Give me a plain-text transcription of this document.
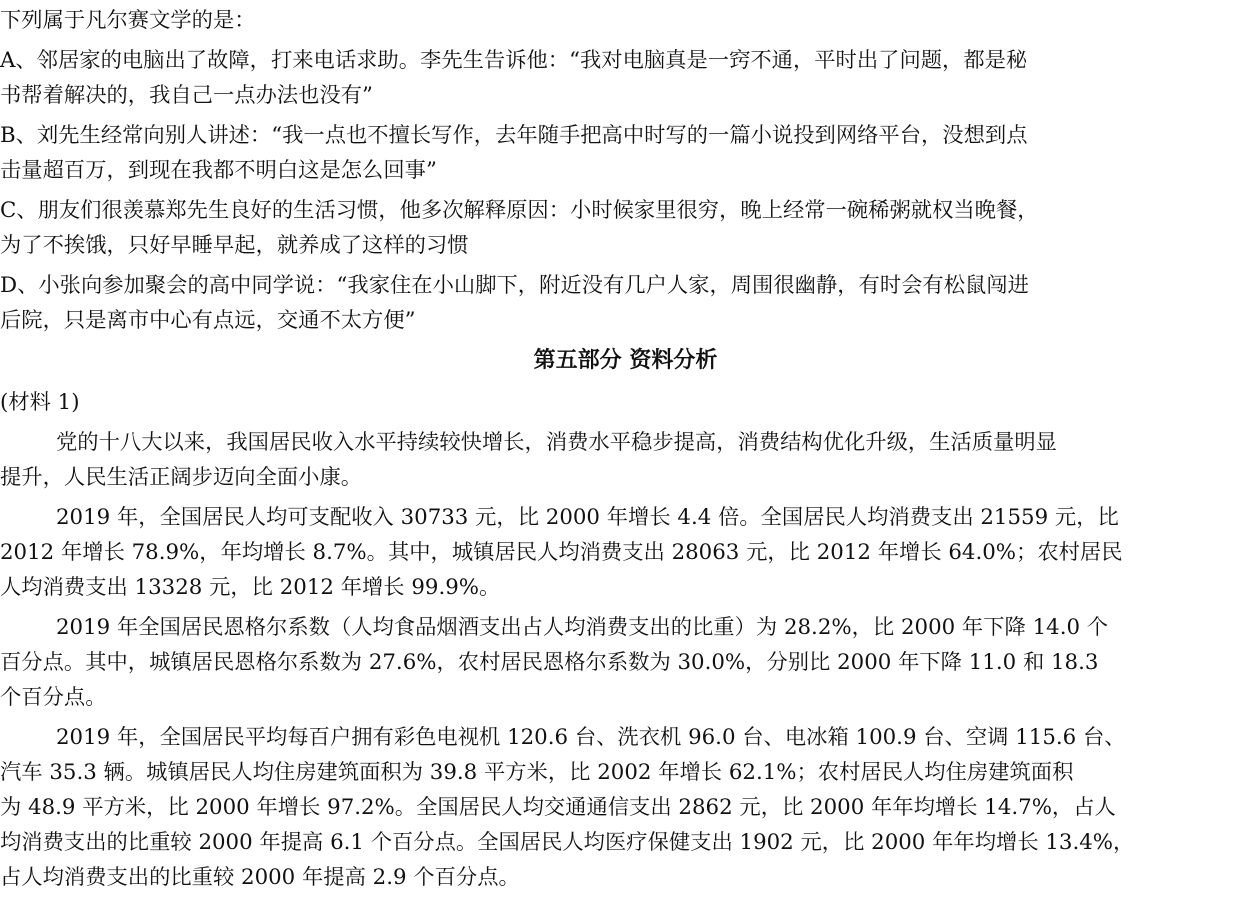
下列属于凡尔赛文学的是：
A、邻居家的电脑出了故障，打来电话求助。李先生告诉他：“我对电脑真是一窍不通，平时出了问题，都是秘
书帮着解决的，我自己一点办法也没有”
B、刘先生经常向别人讲述：“我一点也不擅长写作，去年随手把高中时写的一篇小说投到网络平台，没想到点
击量超百万，到现在我都不明白这是怎么回事”
C、朋友们很羡慕郑先生良好的生活习惯，他多次解释原因：小时候家里很穷，晚上经常一碗稀粥就权当晚餐，
为了不挨饿，只好早睡早起，就养成了这样的习惯
D、小张向参加聚会的高中同学说：“我家住在小山脚下，附近没有几户人家，周围很幽静，有时会有松鼠闯进
后院，只是离市中心有点远，交通不太方便”
第五部分 资料分析
(材料 1)
党的十八大以来，我国居民收入水平持续较快增长，消费水平稳步提高，消费结构优化升级，生活质量明显
提升，人民生活正阔步迈向全面小康。
2019 年，全国居民人均可支配收入 30733 元，比 2000 年增长 4.4 倍。全国居民人均消费支出 21559 元，比
2012 年增长 78.9%，年均增长 8.7%。其中，城镇居民人均消费支出 28063 元，比 2012 年增长 64.0%；农村居民
人均消费支出 13328 元，比 2012 年增长 99.9%。
2019 年全国居民恩格尔系数（人均食品烟酒支出占人均消费支出的比重）为 28.2%，比 2000 年下降 14.0 个
百分点。其中，城镇居民恩格尔系数为 27.6%，农村居民恩格尔系数为 30.0%，分别比 2000 年下降 11.0 和 18.3
个百分点。
2019 年，全国居民平均每百户拥有彩色电视机 120.6 台、洗衣机 96.0 台、电冰箱 100.9 台、空调 115.6 台、
汽车 35.3 辆。城镇居民人均住房建筑面积为 39.8 平方米，比 2002 年增长 62.1%；农村居民人均住房建筑面积
为 48.9 平方米，比 2000 年增长 97.2%。全国居民人均交通通信支出 2862 元，比 2000 年年均增长 14.7%，占人
均消费支出的比重较 2000 年提高 6.1 个百分点。全国居民人均医疗保健支出 1902 元，比 2000 年年均增长 13.4%，
占人均消费支出的比重较 2000 年提高 2.9 个百分点。
